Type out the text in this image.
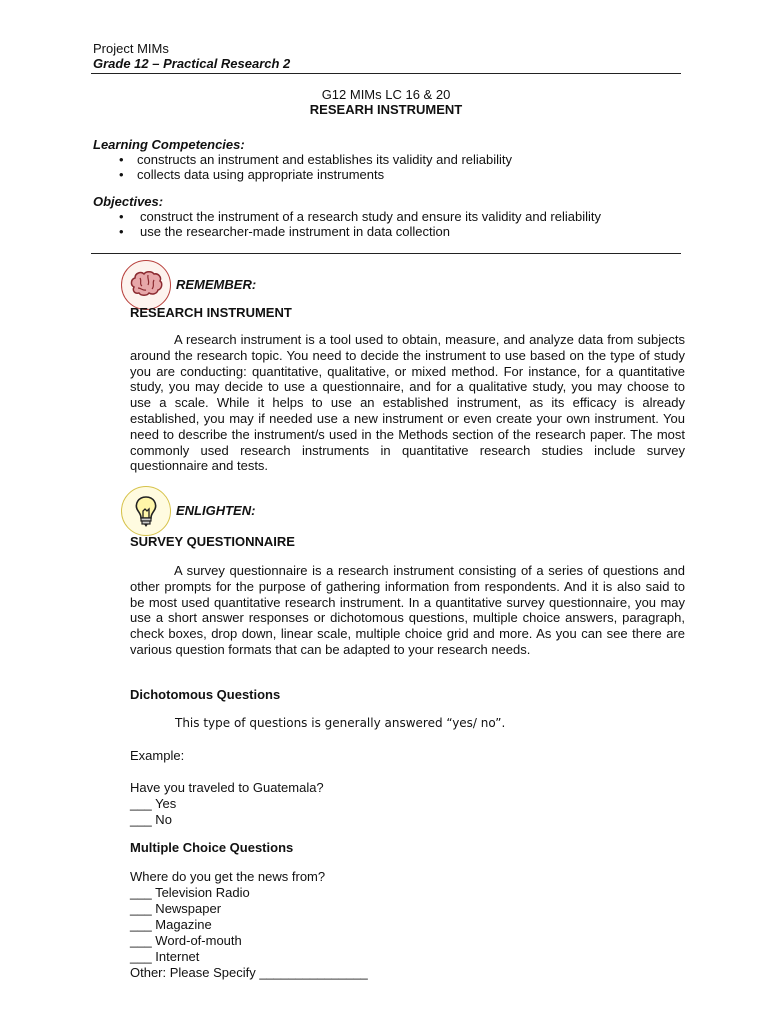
Project MIMs
Grade 12 – Practical Research 2
G12 MIMs LC 16 & 20
RESEARH INSTRUMENT
Learning Competencies:
• constructs an instrument and establishes its validity and reliability
• collects data using appropriate instruments
Objectives:
• construct the instrument of a research study and ensure its validity and reliability
• use the researcher-made instrument in data collection
REMEMBER:
RESEARCH INSTRUMENT
A research instrument is a tool used to obtain, measure, and analyze data from subjects around the research topic. You need to decide the instrument to use based on the type of study you are conducting: quantitative, qualitative, or mixed method. For instance, for a quantitative study, you may decide to use a questionnaire, and for a qualitative study, you may choose to use a scale. While it helps to use an established instrument, as its efficacy is already established, you may if needed use a new instrument or even create your own instrument. You need to describe the instrument/s used in the Methods section of the research paper. The most commonly used research instruments in quantitative research studies include survey questionnaire and tests.
ENLIGHTEN:
SURVEY QUESTIONNAIRE
A survey questionnaire is a research instrument consisting of a series of questions and other prompts for the purpose of gathering information from respondents. And it is also said to be most used quantitative research instrument. In a quantitative survey questionnaire, you may use a short answer responses or dichotomous questions, multiple choice answers, paragraph, check boxes, drop down, linear scale, multiple choice grid and more. As you can see there are various question formats that can be adapted to your research needs.
Dichotomous Questions
This type of questions is generally answered “yes/ no”.
Example:
Have you traveled to Guatemala?
___ Yes
___ No
Multiple Choice Questions
Where do you get the news from?
___ Television Radio
___ Newspaper
___ Magazine
___ Word-of-mouth
___ Internet
Other: Please Specify _______________
